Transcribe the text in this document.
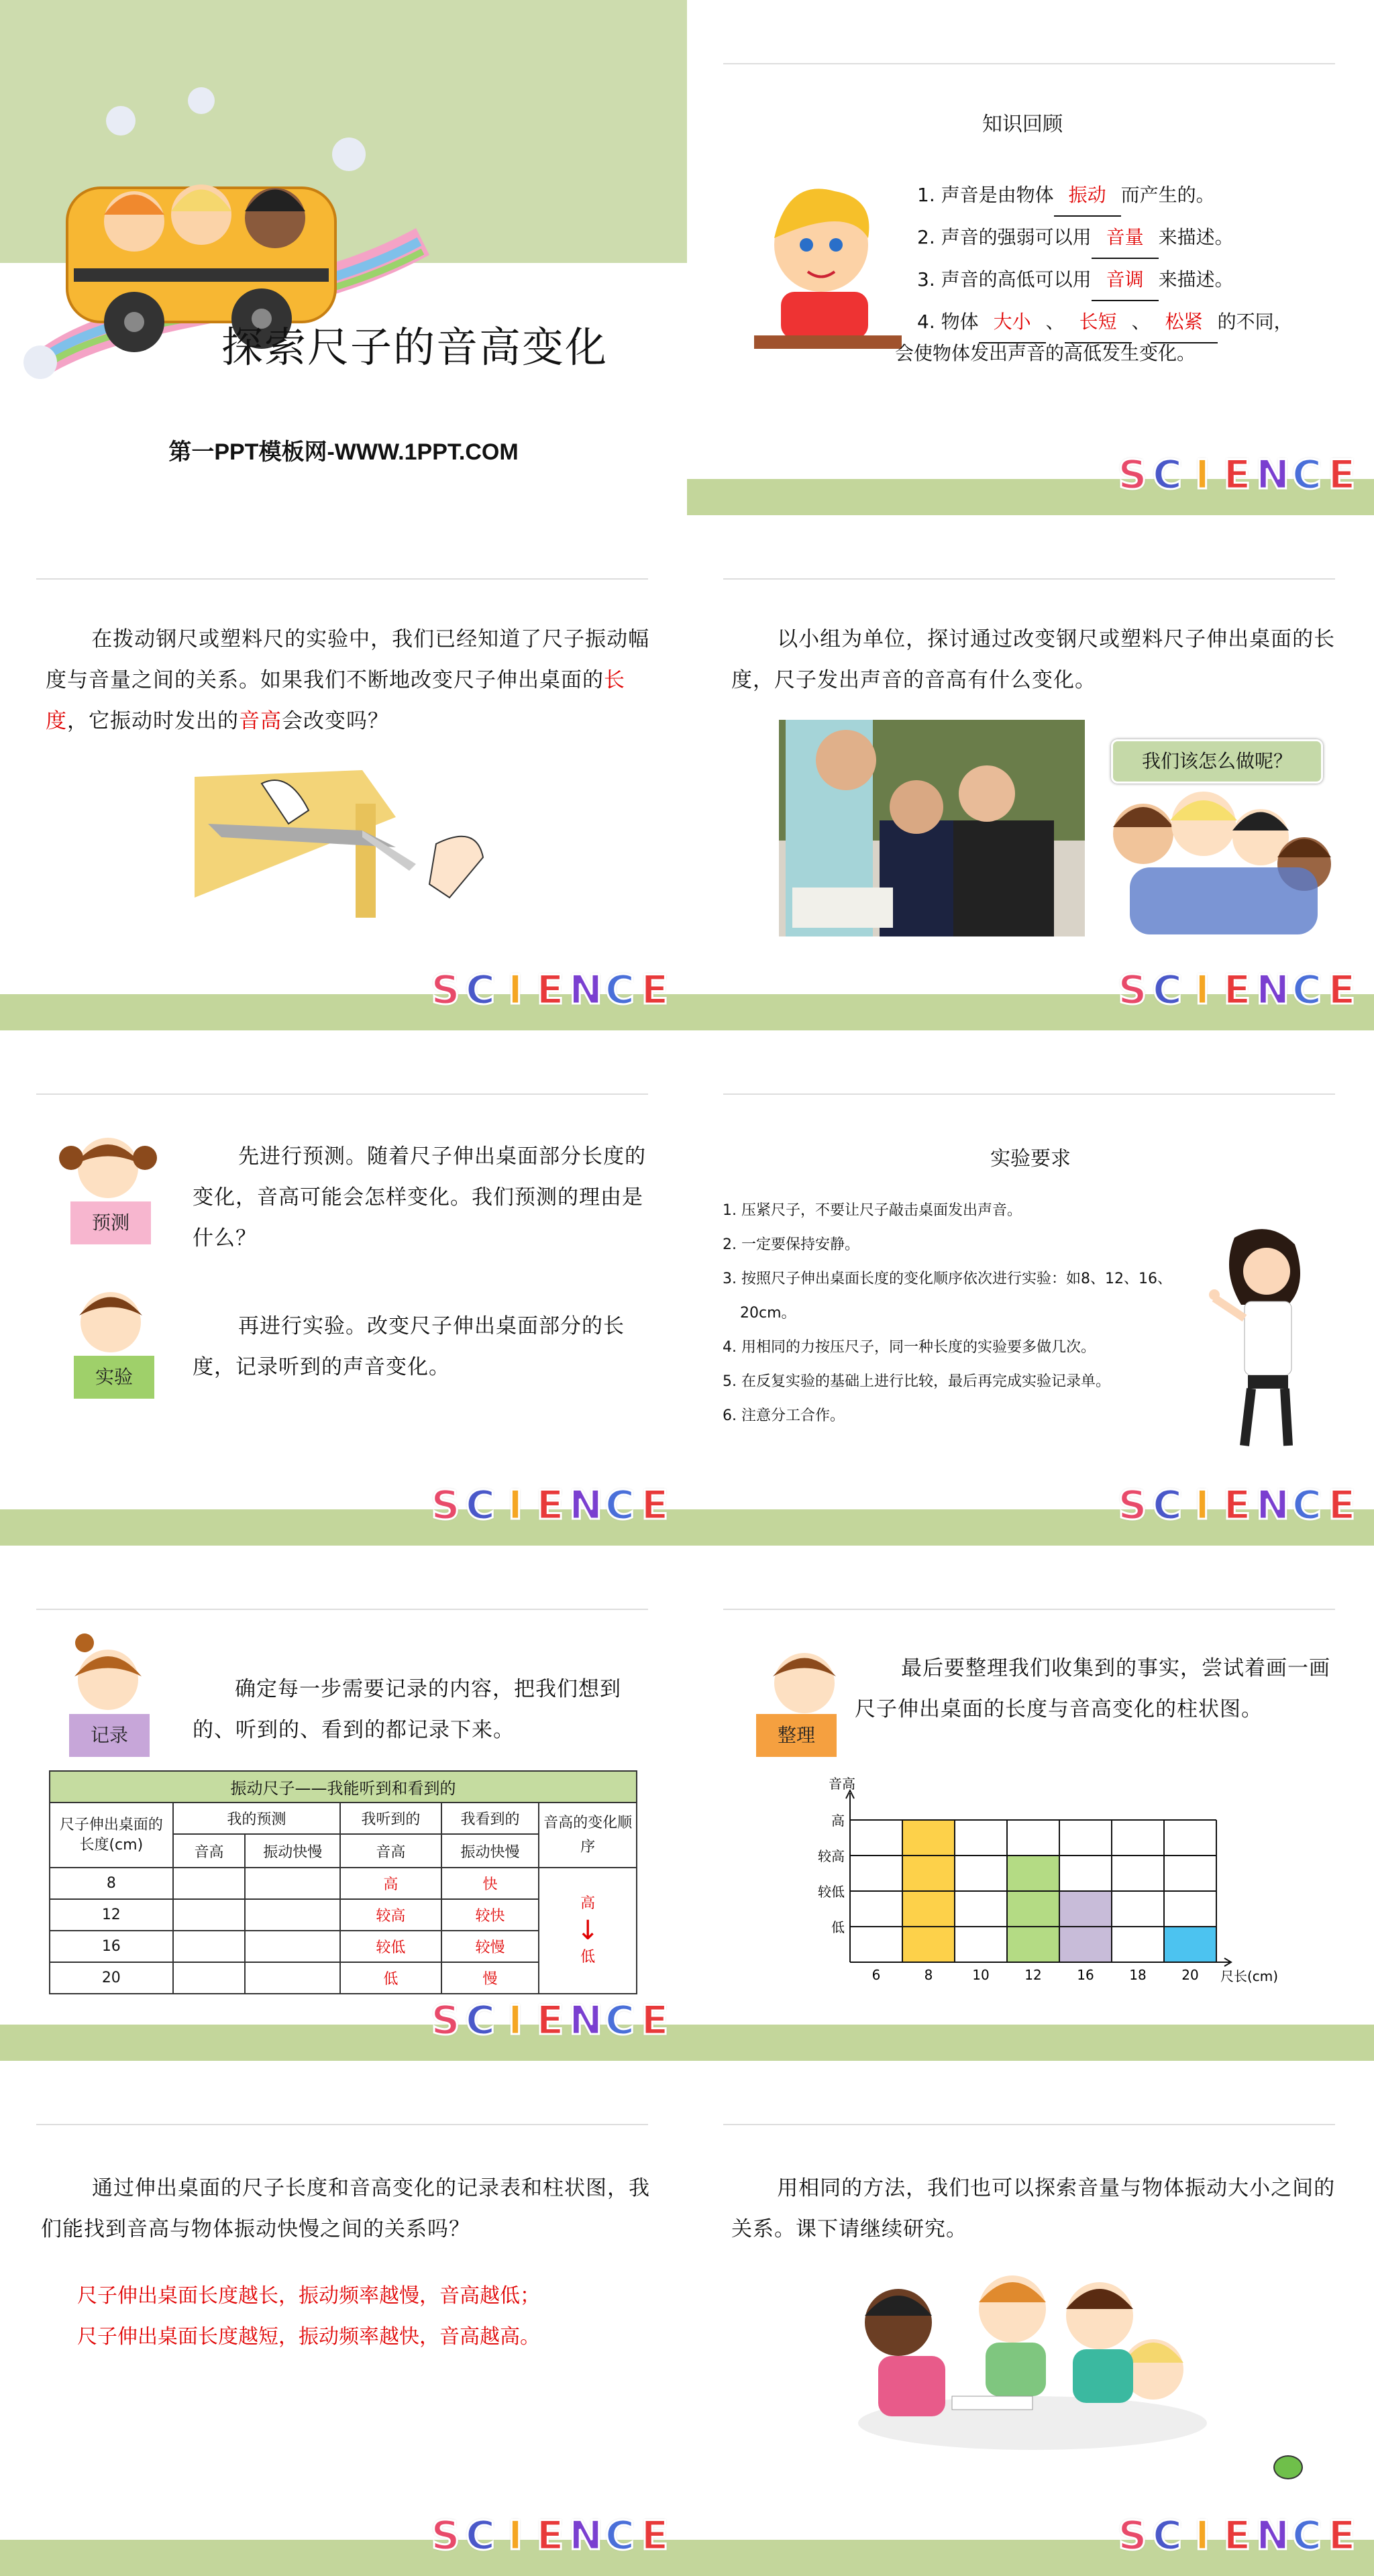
探索尺子的音高变化
第一PPT模板网-WWW.1PPT.COM
知识回顾
1. 声音是由物体 振动 而产生的。
2. 声音的强弱可以用 音量 来描述。
3. 声音的高低可以用 音调 来描述。
4. 物体 大小 、 长短 、 松紧 的不同，
会使物体发出声音的高低发生变化。
S C I E N C E

在拨动钢尺或塑料尺的实验中，我们已经知道了尺子振动幅度与音量之间的关系。如果我们不断地改变尺子伸出桌面的长度，它振动时发出的音高会改变吗？

S C I E N C E

以小组为单位，探讨通过改变钢尺或塑料尺子伸出桌面的长度，尺子发出声音的音高有什么变化。

我们该怎么做呢？
S C I E N C E
预测

先进行预测。随着尺子伸出桌面部分长度的变化，音高可能会怎样变化。我们预测的理由是什么？

实验

再进行实验。改变尺子伸出桌面部分的长度，记录听到的声音变化。

S C I E N C E
实验要求
1. 压紧尺子，不要让尺子敲击桌面发出声音。
2. 一定要保持安静。
3. 按照尺子伸出桌面长度的变化顺序依次进行实验：如8、12、16、20cm。
4. 用相同的力按压尺子，同一种长度的实验要多做几次。
5. 在反复实验的基础上进行比较，最后再完成实验记录单。
6. 注意分工合作。
S C I E N C E
记录

确定每一步需要记录的内容，把我们想到的、听到的、看到的都记录下来。

振动尺子——我能听到和看到的					
尺子伸出桌面的长度(cm)	我的预测		我听到的	我看到的	音高的变化顺序
	音高	振动快慢	音高	振动快慢	
8			高	快	高
↓
低

12			较高	较快	
16			较低	较慢	
20			低	慢	
S C I E N C E
整理

最后要整理我们收集到的事实，尝试着画一画尺子伸出桌面的长度与音高变化的柱状图。

低
较低
较高
高
6	8	10	12	16	18	20
音高
尺长(cm)

通过伸出桌面的尺子长度和音高变化的记录表和柱状图，我们能找到音高与物体振动快慢之间的关系吗？

尺子伸出桌面长度越长，振动频率越慢，音高越低；
尺子伸出桌面长度越短，振动频率越快，音高越高。
S C I E N C E

用相同的方法，我们也可以探索音量与物体振动大小之间的关系。课下请继续研究。

S C I E N C E
